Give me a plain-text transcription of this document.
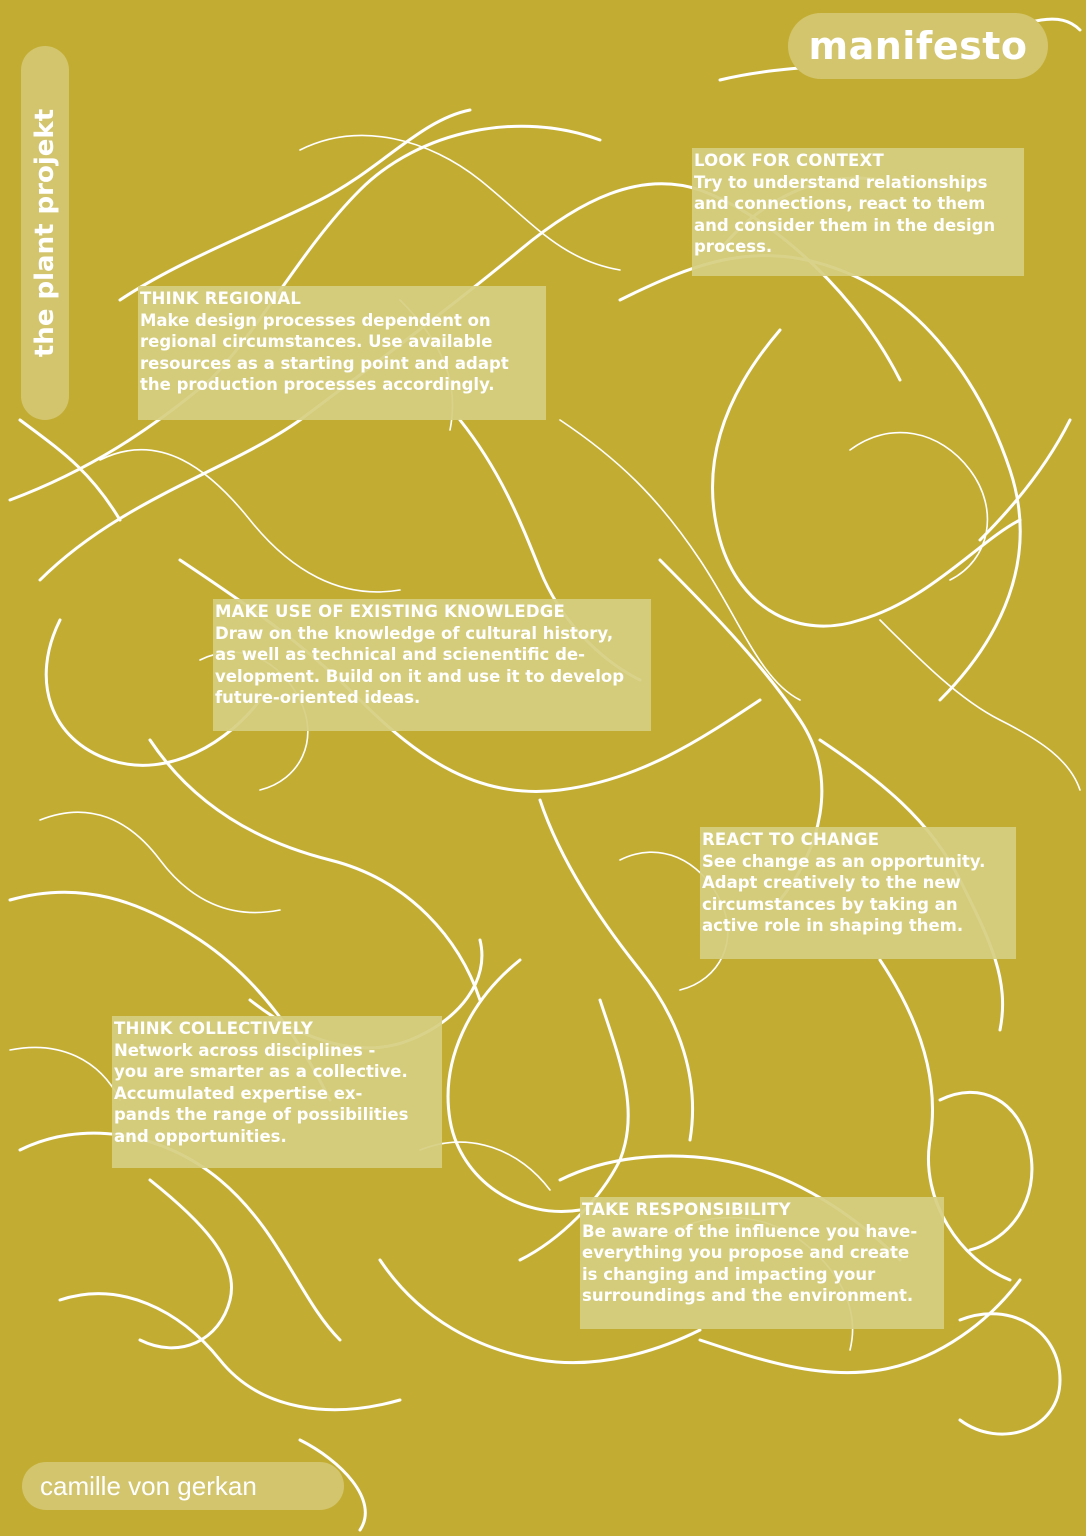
manifesto
the plant projekt
camille von gerkan
LOOK FOR CONTEXT

Try to understand relationships
and connections, react to them
and consider them in the design
process.

THINK REGIONAL

Make design processes dependent on
regional circumstances. Use available
resources as a starting point and adapt
the production processes accordingly.

MAKE USE OF EXISTING KNOWLEDGE

Draw on the knowledge of cultural history,
as well as technical and scienentific de-
velopment. Build on it and use it to develop
future-oriented ideas.

REACT TO CHANGE

See change as an opportunity.
Adapt creatively to the new
circumstances by taking an
active role in shaping them.

THINK COLLECTIVELY

Network across disciplines -
you are smarter as a collective.
Accumulated expertise ex-
pands the range of possibilities
and opportunities.

TAKE RESPONSIBILITY

Be aware of the influence you have-
everything you propose and create
is changing and impacting your
surroundings and the environment.
